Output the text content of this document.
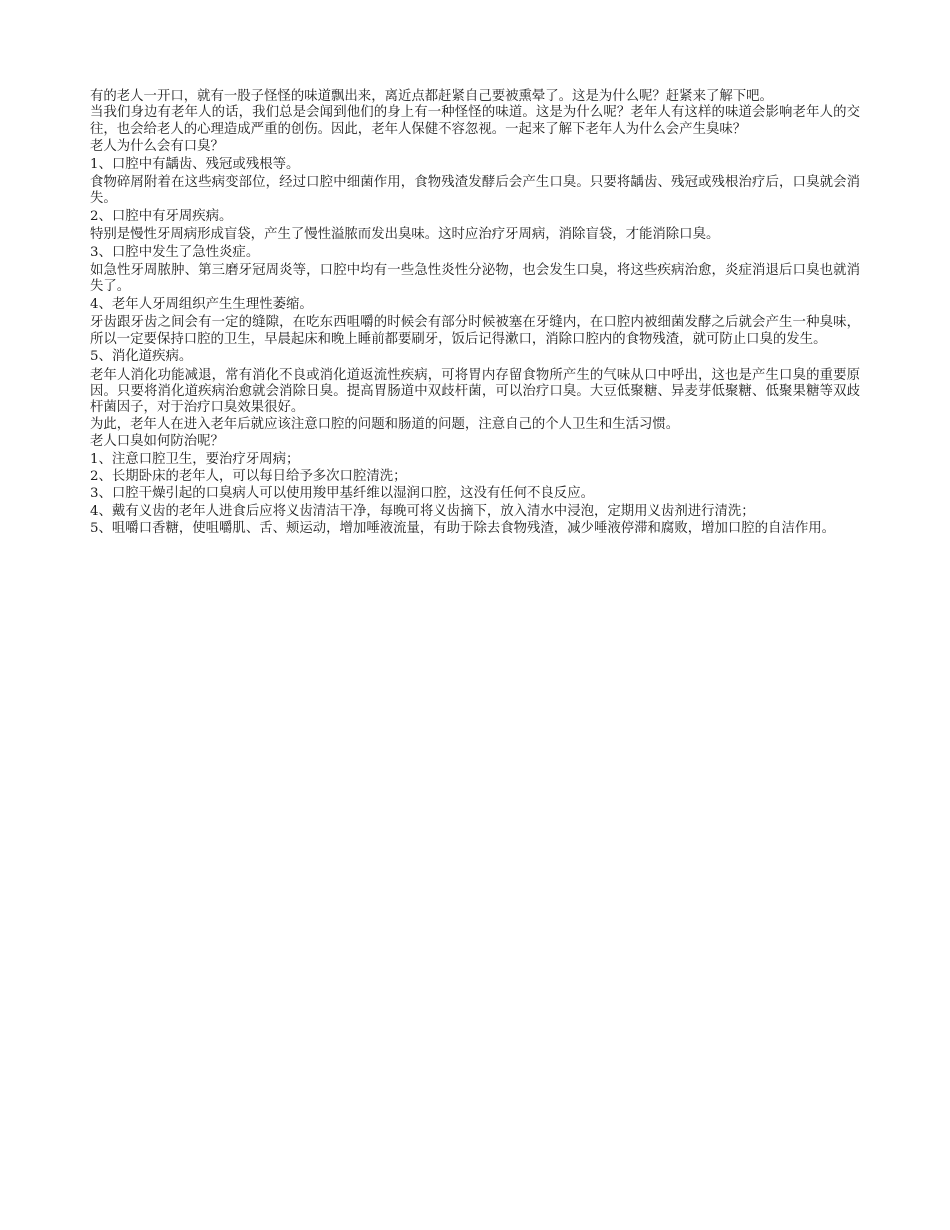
有的老人一开口，就有一股子怪怪的味道飘出来，离近点都赶紧自己要被熏晕了。这是为什么呢？赶紧来了解下吧。

当我们身边有老年人的话，我们总是会闻到他们的身上有一种怪怪的味道。这是为什么呢？老年人有这样的味道会影响老年人的交往，也会给老人的心理造成严重的创伤。因此，老年人保健不容忽视。一起来了解下老年人为什么会产生臭味？

老人为什么会有口臭？

1、口腔中有龋齿、残冠或残根等。

食物碎屑附着在这些病变部位，经过口腔中细菌作用，食物残渣发酵后会产生口臭。只要将龋齿、残冠或残根治疗后，口臭就会消失。

2、口腔中有牙周疾病。

特别是慢性牙周病形成盲袋，产生了慢性溢脓而发出臭味。这时应治疗牙周病，消除盲袋，才能消除口臭。

3、口腔中发生了急性炎症。

如急性牙周脓肿、第三磨牙冠周炎等，口腔中均有一些急性炎性分泌物，也会发生口臭，将这些疾病治愈，炎症消退后口臭也就消失了。

4、老年人牙周组织产生生理性萎缩。

牙齿跟牙齿之间会有一定的缝隙，在吃东西咀嚼的时候会有部分时候被塞在牙缝内，在口腔内被细菌发酵之后就会产生一种臭味，所以一定要保持口腔的卫生，早晨起床和晚上睡前都要刷牙，饭后记得漱口，消除口腔内的食物残渣，就可防止口臭的发生。

5、消化道疾病。

老年人消化功能减退，常有消化不良或消化道返流性疾病，可将胃内存留食物所产生的气味从口中呼出，这也是产生口臭的重要原因。只要将消化道疾病治愈就会消除日臭。提高胃肠道中双歧杆菌，可以治疗口臭。大豆低聚糖、异麦芽低聚糖、低聚果糖等双歧杆菌因子，对于治疗口臭效果很好。

为此，老年人在进入老年后就应该注意口腔的问题和肠道的问题，注意自己的个人卫生和生活习惯。

老人口臭如何防治呢？

1、注意口腔卫生，要治疗牙周病；

2、长期卧床的老年人，可以每日给予多次口腔清洗；

3、口腔干燥引起的口臭病人可以使用羧甲基纤维以湿润口腔，这没有任何不良反应。

4、戴有义齿的老年人进食后应将义齿清洁干净，每晚可将义齿摘下，放入清水中浸泡，定期用义齿剂进行清洗；

5、咀嚼口香糖，使咀嚼肌、舌、颊运动，增加唾液流量，有助于除去食物残渣，减少唾液停滞和腐败，增加口腔的自洁作用。
